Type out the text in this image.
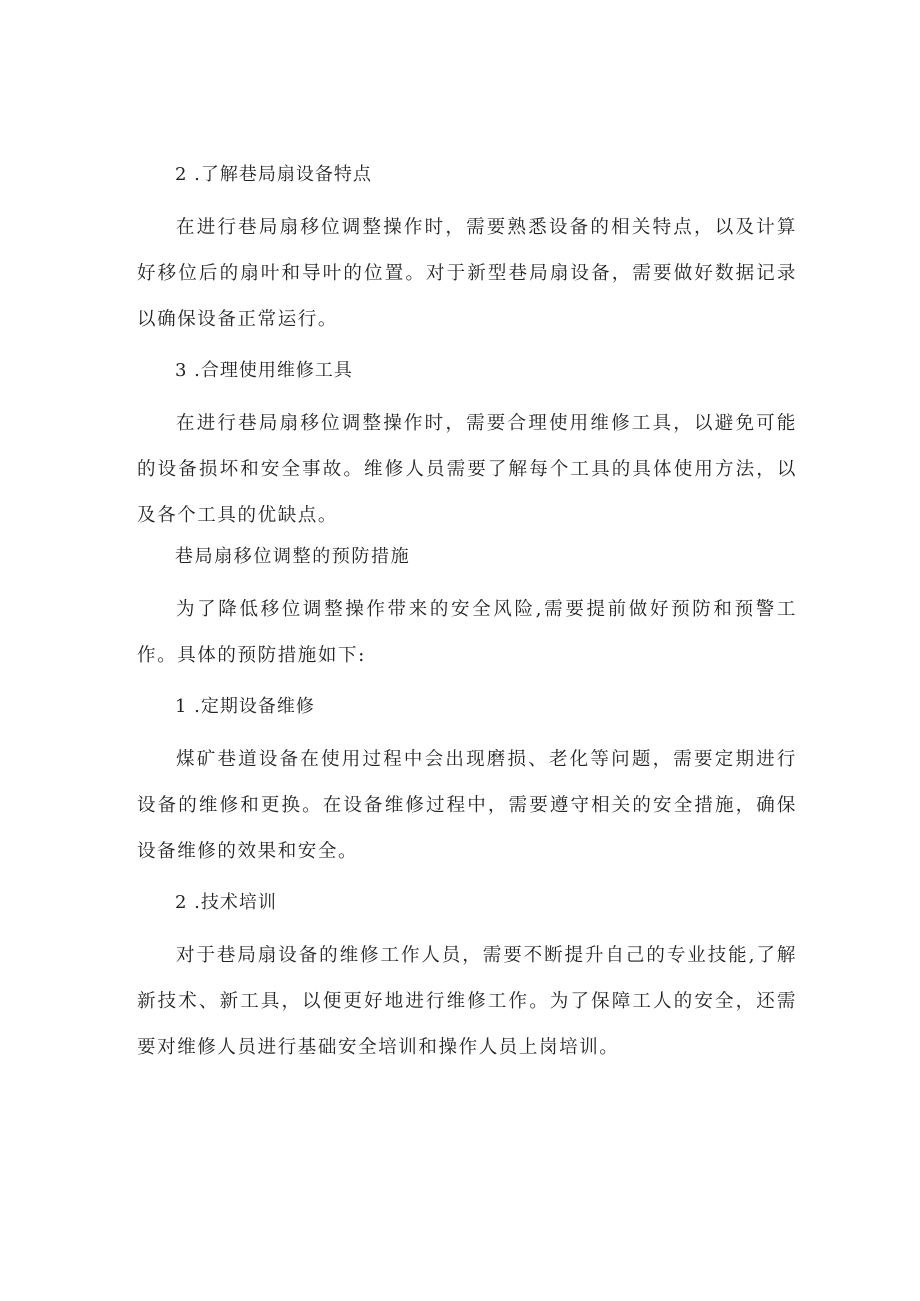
2 .了解巷局扇设备特点

在进行巷局扇移位调整操作时，需要熟悉设备的相关特点，以及计算好移位后的扇叶和导叶的位置。对于新型巷局扇设备，需要做好数据记录以确保设备正常运行。

3 .合理使用维修工具

在进行巷局扇移位调整操作时，需要合理使用维修工具，以避免可能的设备损坏和安全事故。维修人员需要了解每个工具的具体使用方法，以及各个工具的优缺点。

巷局扇移位调整的预防措施

为了降低移位调整操作带来的安全风险,需要提前做好预防和预警工作。具体的预防措施如下:

1 .定期设备维修

煤矿巷道设备在使用过程中会出现磨损、老化等问题，需要定期进行设备的维修和更换。在设备维修过程中，需要遵守相关的安全措施，确保设备维修的效果和安全。

2 .技术培训

对于巷局扇设备的维修工作人员，需要不断提升自己的专业技能,了解新技术、新工具，以便更好地进行维修工作。为了保障工人的安全，还需要对维修人员进行基础安全培训和操作人员上岗培训。
